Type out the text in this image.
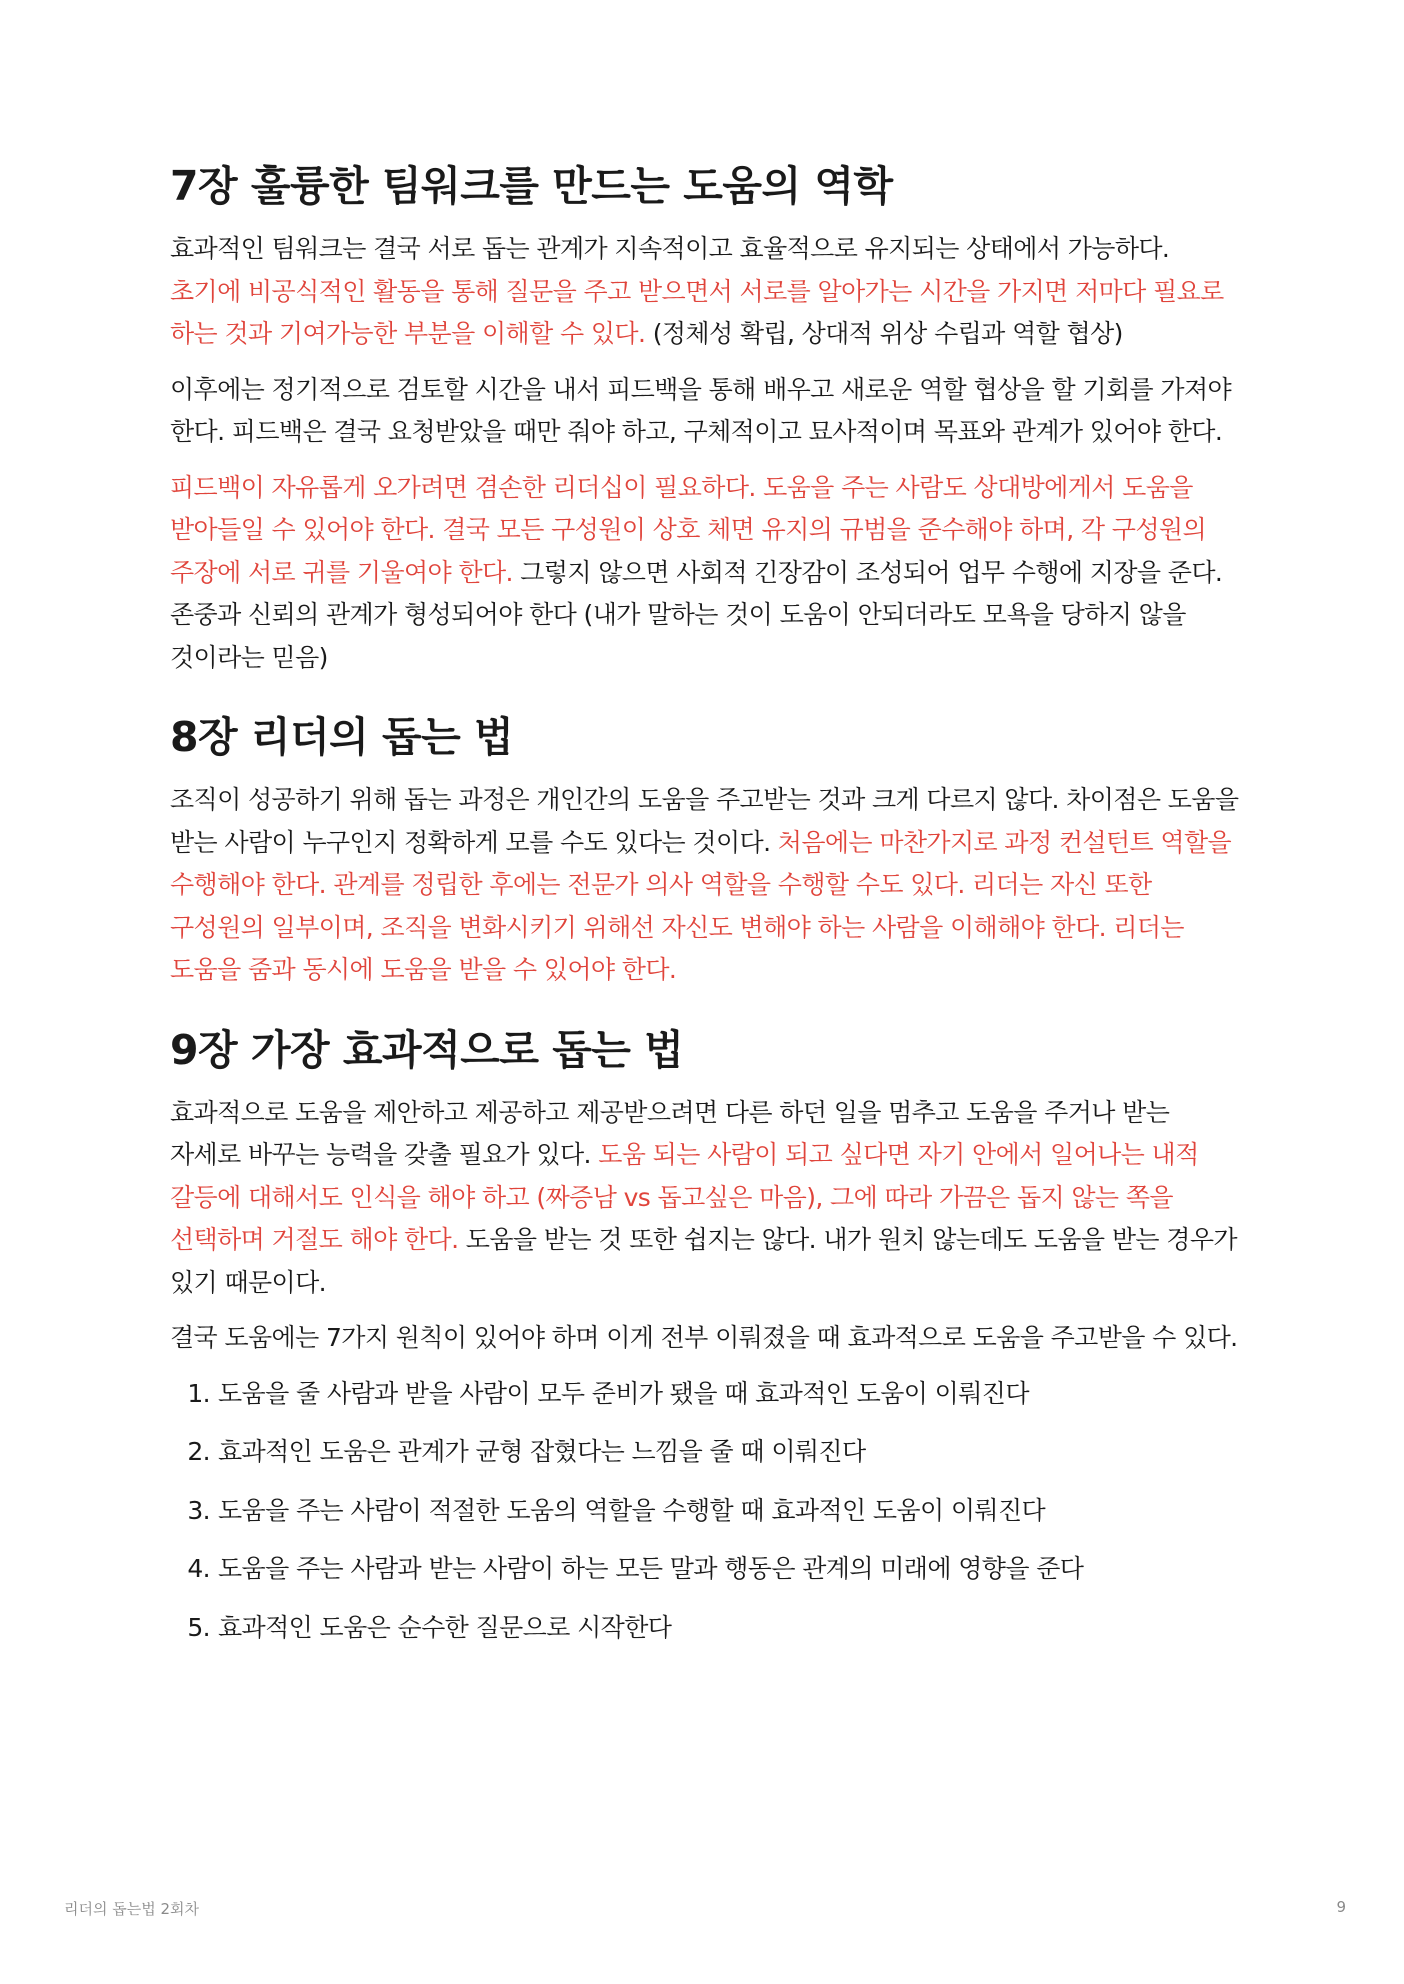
7장 훌륭한 팀워크를 만드는 도움의 역학

효과적인 팀워크는 결국 서로 돕는 관계가 지속적이고 효율적으로 유지되는 상태에서 가능하다. 초기에 비공식적인 활동을 통해 질문을 주고 받으면서 서로를 알아가는 시간을 가지면 저마다 필요로 하는 것과 기여가능한 부분을 이해할 수 있다. (정체성 확립, 상대적 위상 수립과 역할 협상)

이후에는 정기적으로 검토할 시간을 내서 피드백을 통해 배우고 새로운 역할 협상을 할 기회를 가져야 한다. 피드백은 결국 요청받았을 때만 줘야 하고, 구체적이고 묘사적이며 목표와 관계가 있어야 한다.

피드백이 자유롭게 오가려면 겸손한 리더십이 필요하다. 도움을 주는 사람도 상대방에게서 도움을 받아들일 수 있어야 한다. 결국 모든 구성원이 상호 체면 유지의 규범을 준수해야 하며, 각 구성원의 주장에 서로 귀를 기울여야 한다. 그렇지 않으면 사회적 긴장감이 조성되어 업무 수행에 지장을 준다. 존중과 신뢰의 관계가 형성되어야 한다 (내가 말하는 것이 도움이 안되더라도 모욕을 당하지 않을 것이라는 믿음)

8장 리더의 돕는 법

조직이 성공하기 위해 돕는 과정은 개인간의 도움을 주고받는 것과 크게 다르지 않다. 차이점은 도움을 받는 사람이 누구인지 정확하게 모를 수도 있다는 것이다. 처음에는 마찬가지로 과정 컨설턴트 역할을 수행해야 한다. 관계를 정립한 후에는 전문가 의사 역할을 수행할 수도 있다. 리더는 자신 또한 구성원의 일부이며, 조직을 변화시키기 위해선 자신도 변해야 하는 사람을 이해해야 한다. 리더는 도움을 줌과 동시에 도움을 받을 수 있어야 한다.

9장 가장 효과적으로 돕는 법

효과적으로 도움을 제안하고 제공하고 제공받으려면 다른 하던 일을 멈추고 도움을 주거나 받는 자세로 바꾸는 능력을 갖출 필요가 있다. 도움 되는 사람이 되고 싶다면 자기 안에서 일어나는 내적 갈등에 대해서도 인식을 해야 하고 (짜증남 vs 돕고싶은 마음), 그에 따라 가끔은 돕지 않는 쪽을 선택하며 거절도 해야 한다. 도움을 받는 것 또한 쉽지는 않다. 내가 원치 않는데도 도움을 받는 경우가 있기 때문이다.

결국 도움에는 7가지 원칙이 있어야 하며 이게 전부 이뤄졌을 때 효과적으로 도움을 주고받을 수 있다.

1. 도움을 줄 사람과 받을 사람이 모두 준비가 됐을 때 효과적인 도움이 이뤄진다
2. 효과적인 도움은 관계가 균형 잡혔다는 느낌을 줄 때 이뤄진다
3. 도움을 주는 사람이 적절한 도움의 역할을 수행할 때 효과적인 도움이 이뤄진다
4. 도움을 주는 사람과 받는 사람이 하는 모든 말과 행동은 관계의 미래에 영향을 준다
5. 효과적인 도움은 순수한 질문으로 시작한다
리더의 돕는법 2회차	9
